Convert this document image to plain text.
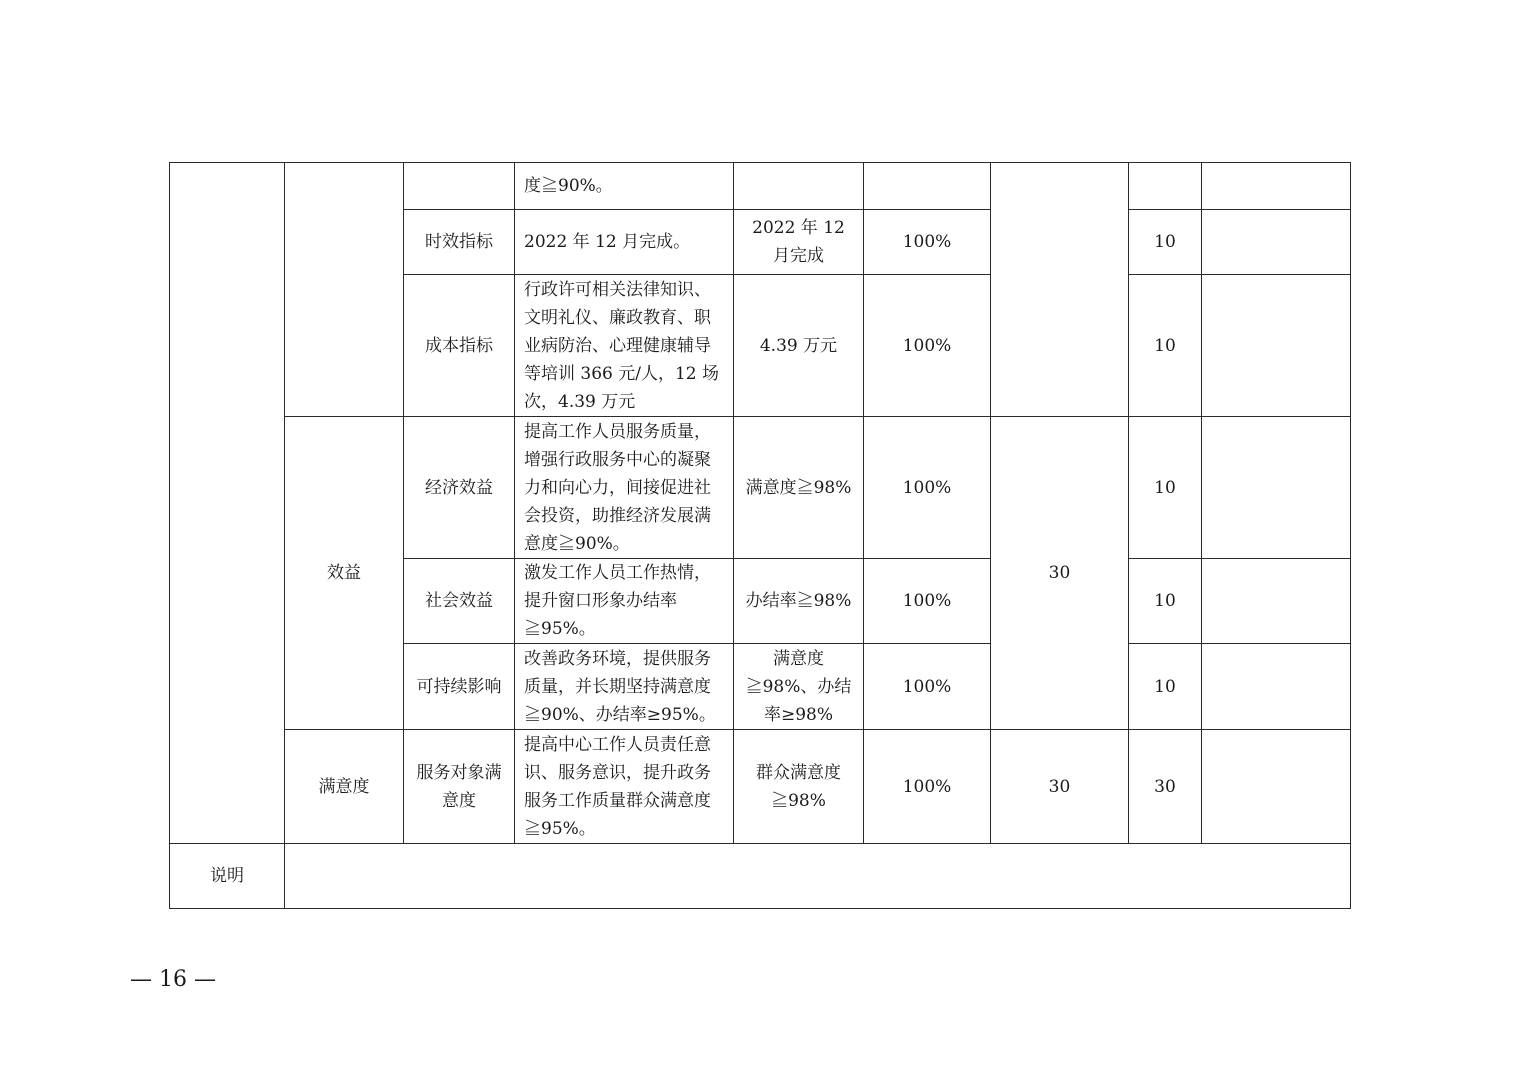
			度≧90%。					
		时效指标	2022 年 12 月完成。	2022 年 12 月完成	100%		10	
		成本指标	行政许可相关法律知识、文明礼仪、廉政教育、职业病防治、心理健康辅导等培训 366 元/人，12 场次，4.39 万元	4.39 万元	100%		10	
	效益	经济效益	提高工作人员服务质量，增强行政服务中心的凝聚力和向心力，间接促进社会投资，助推经济发展满意度≧90%。	满意度≧98%	100%	30	10	
		社会效益	激发工作人员工作热情，提升窗口形象办结率≧95%。	办结率≧98%	100%		10	
		可持续影响	改善政务环境，提供服务质量，并长期坚持满意度≧90%、办结率≥95%。	满意度≧98%、办结率≥98%	100%		10	
	满意度	服务对象满意度	提高中心工作人员责任意识、服务意识，提升政务服务工作质量群众满意度≧95%。	群众满意度≧98%	100%	30	30	
说明								
— 16 —
